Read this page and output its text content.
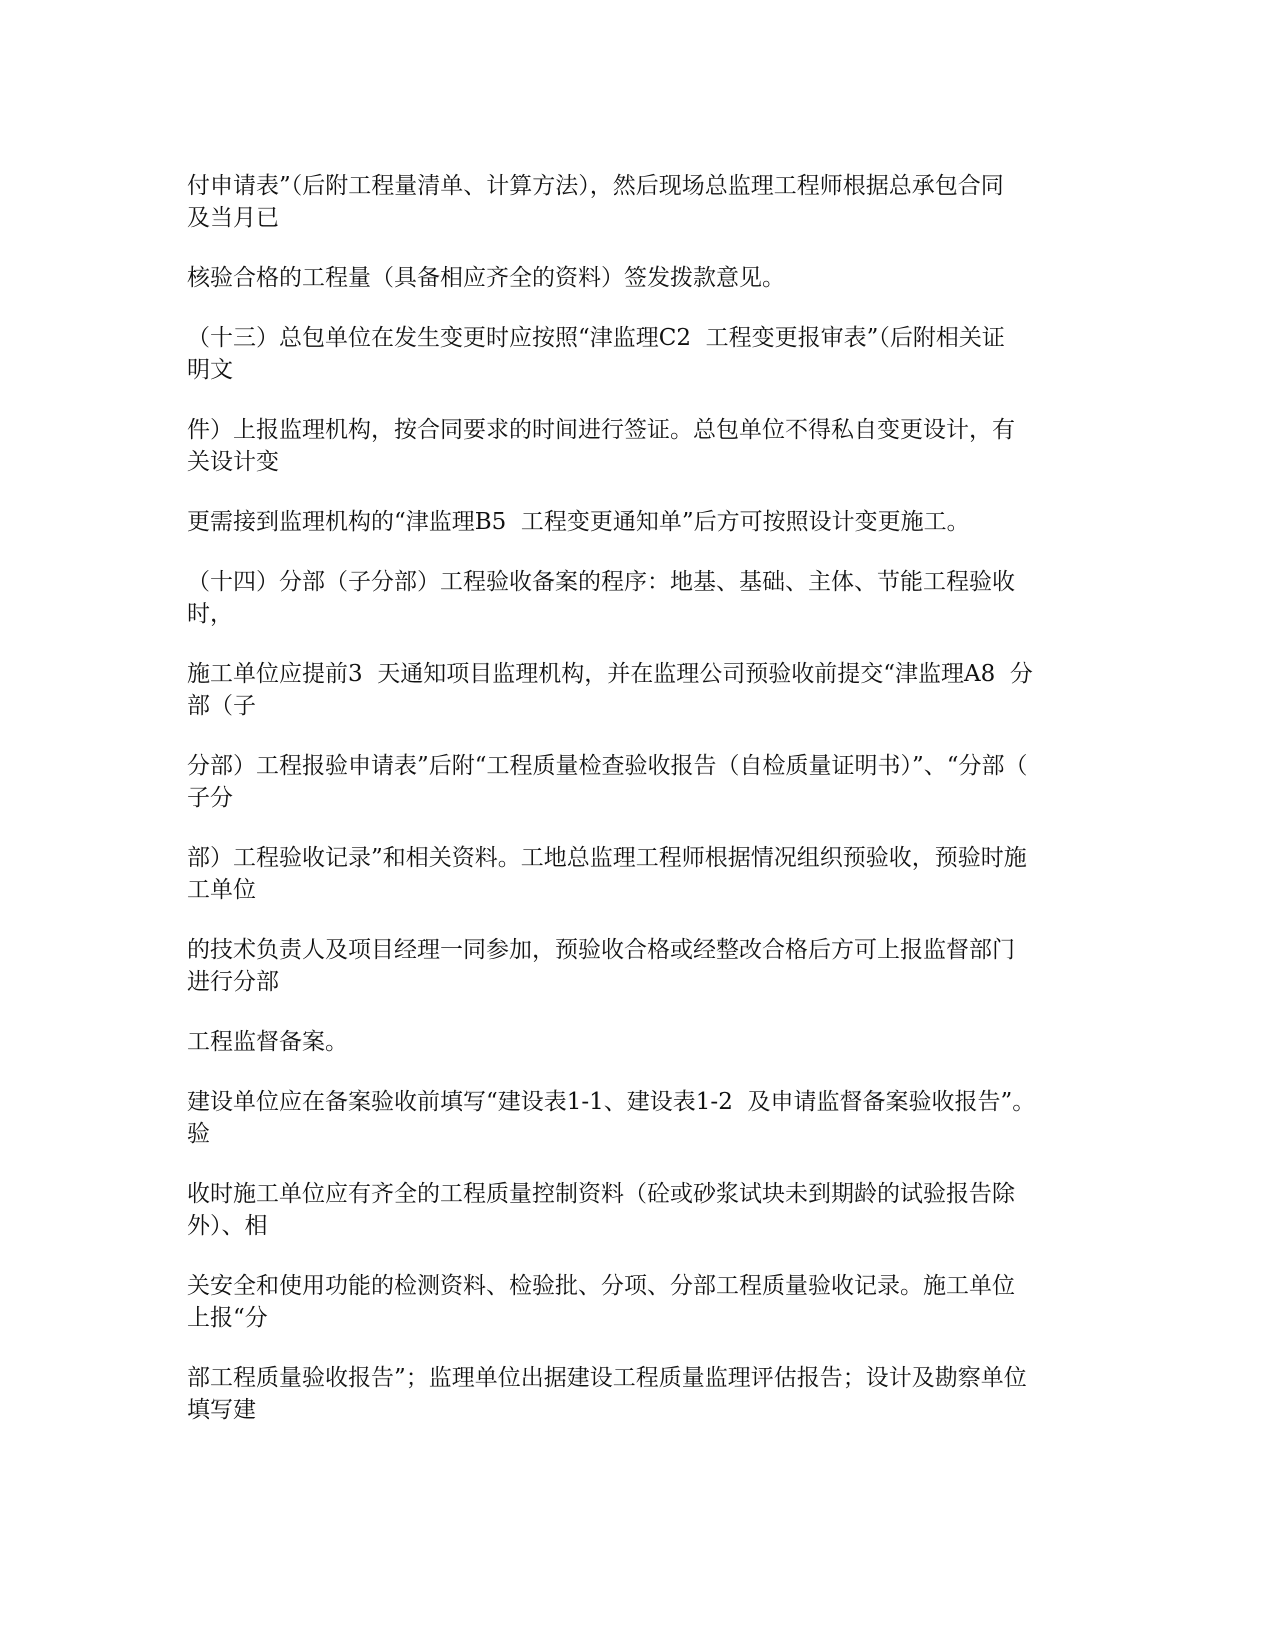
付申请表”（后附工程量清单、计算方法），然后现场总监理工程师根据总承包合同
及当月已

核验合格的工程量（具备相应齐全的资料）签发拨款意见。

（十三）总包单位在发生变更时应按照“津监理C2  工程变更报审表”（后附相关证
明文

件）上报监理机构，按合同要求的时间进行签证。总包单位不得私自变更设计，有
关设计变

更需接到监理机构的“津监理B5  工程变更通知单”后方可按照设计变更施工。

（十四）分部（子分部）工程验收备案的程序：地基、基础、主体、节能工程验收
时，

施工单位应提前3  天通知项目监理机构，并在监理公司预验收前提交“津监理A8  分
部（子

分部）工程报验申请表”后附“工程质量检查验收报告（自检质量证明书）”、“分部（
子分

部）工程验收记录”和相关资料。工地总监理工程师根据情况组织预验收，预验时施
工单位

的技术负责人及项目经理一同参加，预验收合格或经整改合格后方可上报监督部门
进行分部

工程监督备案。

建设单位应在备案验收前填写“建设表1-1、建设表1-2  及申请监督备案验收报告”。
验

收时施工单位应有齐全的工程质量控制资料（砼或砂浆试块未到期龄的试验报告除
外）、相

关安全和使用功能的检测资料、检验批、分项、分部工程质量验收记录。施工单位
上报“分

部工程质量验收报告”；监理单位出据建设工程质量监理评估报告；设计及勘察单位
填写建
